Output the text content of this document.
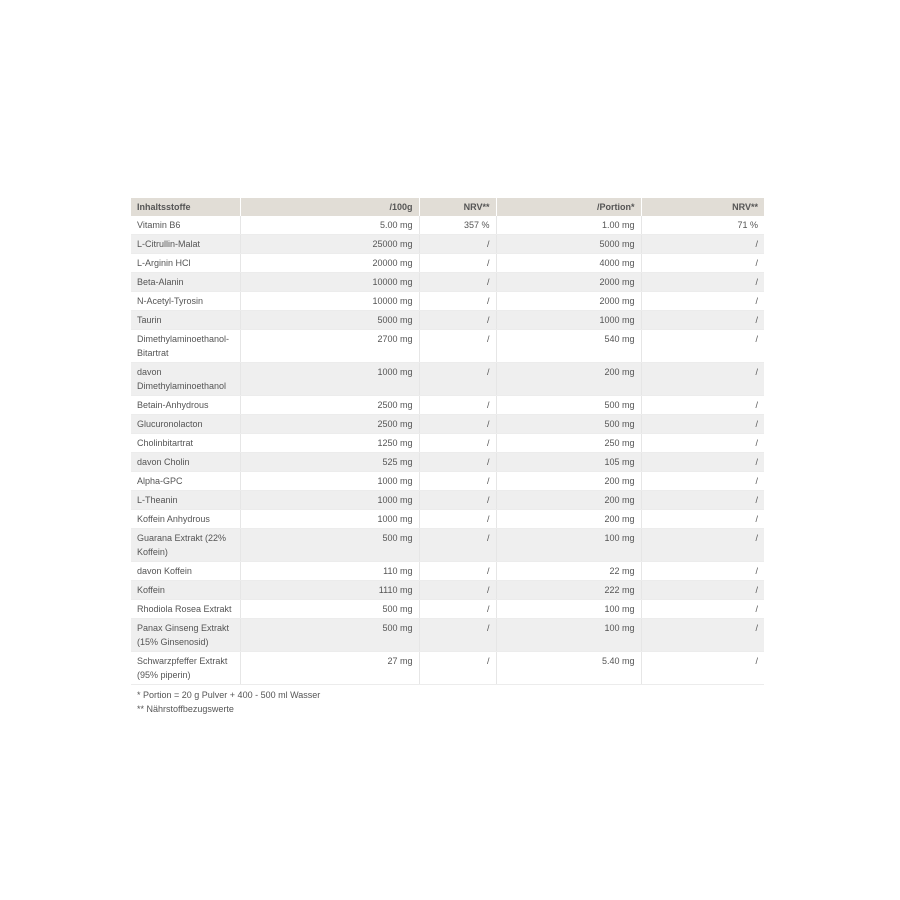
Inhaltsstoffe	/100g	NRV**	/Portion*	NRV**
Vitamin B6	5.00 mg	357 %	1.00 mg	71 %
L-Citrullin-Malat	25000 mg	/	5000 mg	/
L-Arginin HCl	20000 mg	/	4000 mg	/
Beta-Alanin	10000 mg	/	2000 mg	/
N-Acetyl-Tyrosin	10000 mg	/	2000 mg	/
Taurin	5000 mg	/	1000 mg	/
Dimethylaminoethanol-Bitartrat	2700 mg	/	540 mg	/
davon Dimethylaminoethanol	1000 mg	/	200 mg	/
Betain-Anhydrous	2500 mg	/	500 mg	/
Glucuronolacton	2500 mg	/	500 mg	/
Cholinbitartrat	1250 mg	/	250 mg	/
davon Cholin	525 mg	/	105 mg	/
Alpha-GPC	1000 mg	/	200 mg	/
L-Theanin	1000 mg	/	200 mg	/
Koffein Anhydrous	1000 mg	/	200 mg	/
Guarana Extrakt (22% Koffein)	500 mg	/	100 mg	/
davon Koffein	110 mg	/	22 mg	/
Koffein	1110 mg	/	222 mg	/
Rhodiola Rosea Extrakt	500 mg	/	100 mg	/
Panax Ginseng Extrakt (15% Ginsenosid)	500 mg	/	100 mg	/
Schwarzpfeffer Extrakt (95% piperin)	27 mg	/	5.40 mg	/
* Portion = 20 g Pulver + 400 - 500 ml Wasser
** Nährstoffbezugswerte
